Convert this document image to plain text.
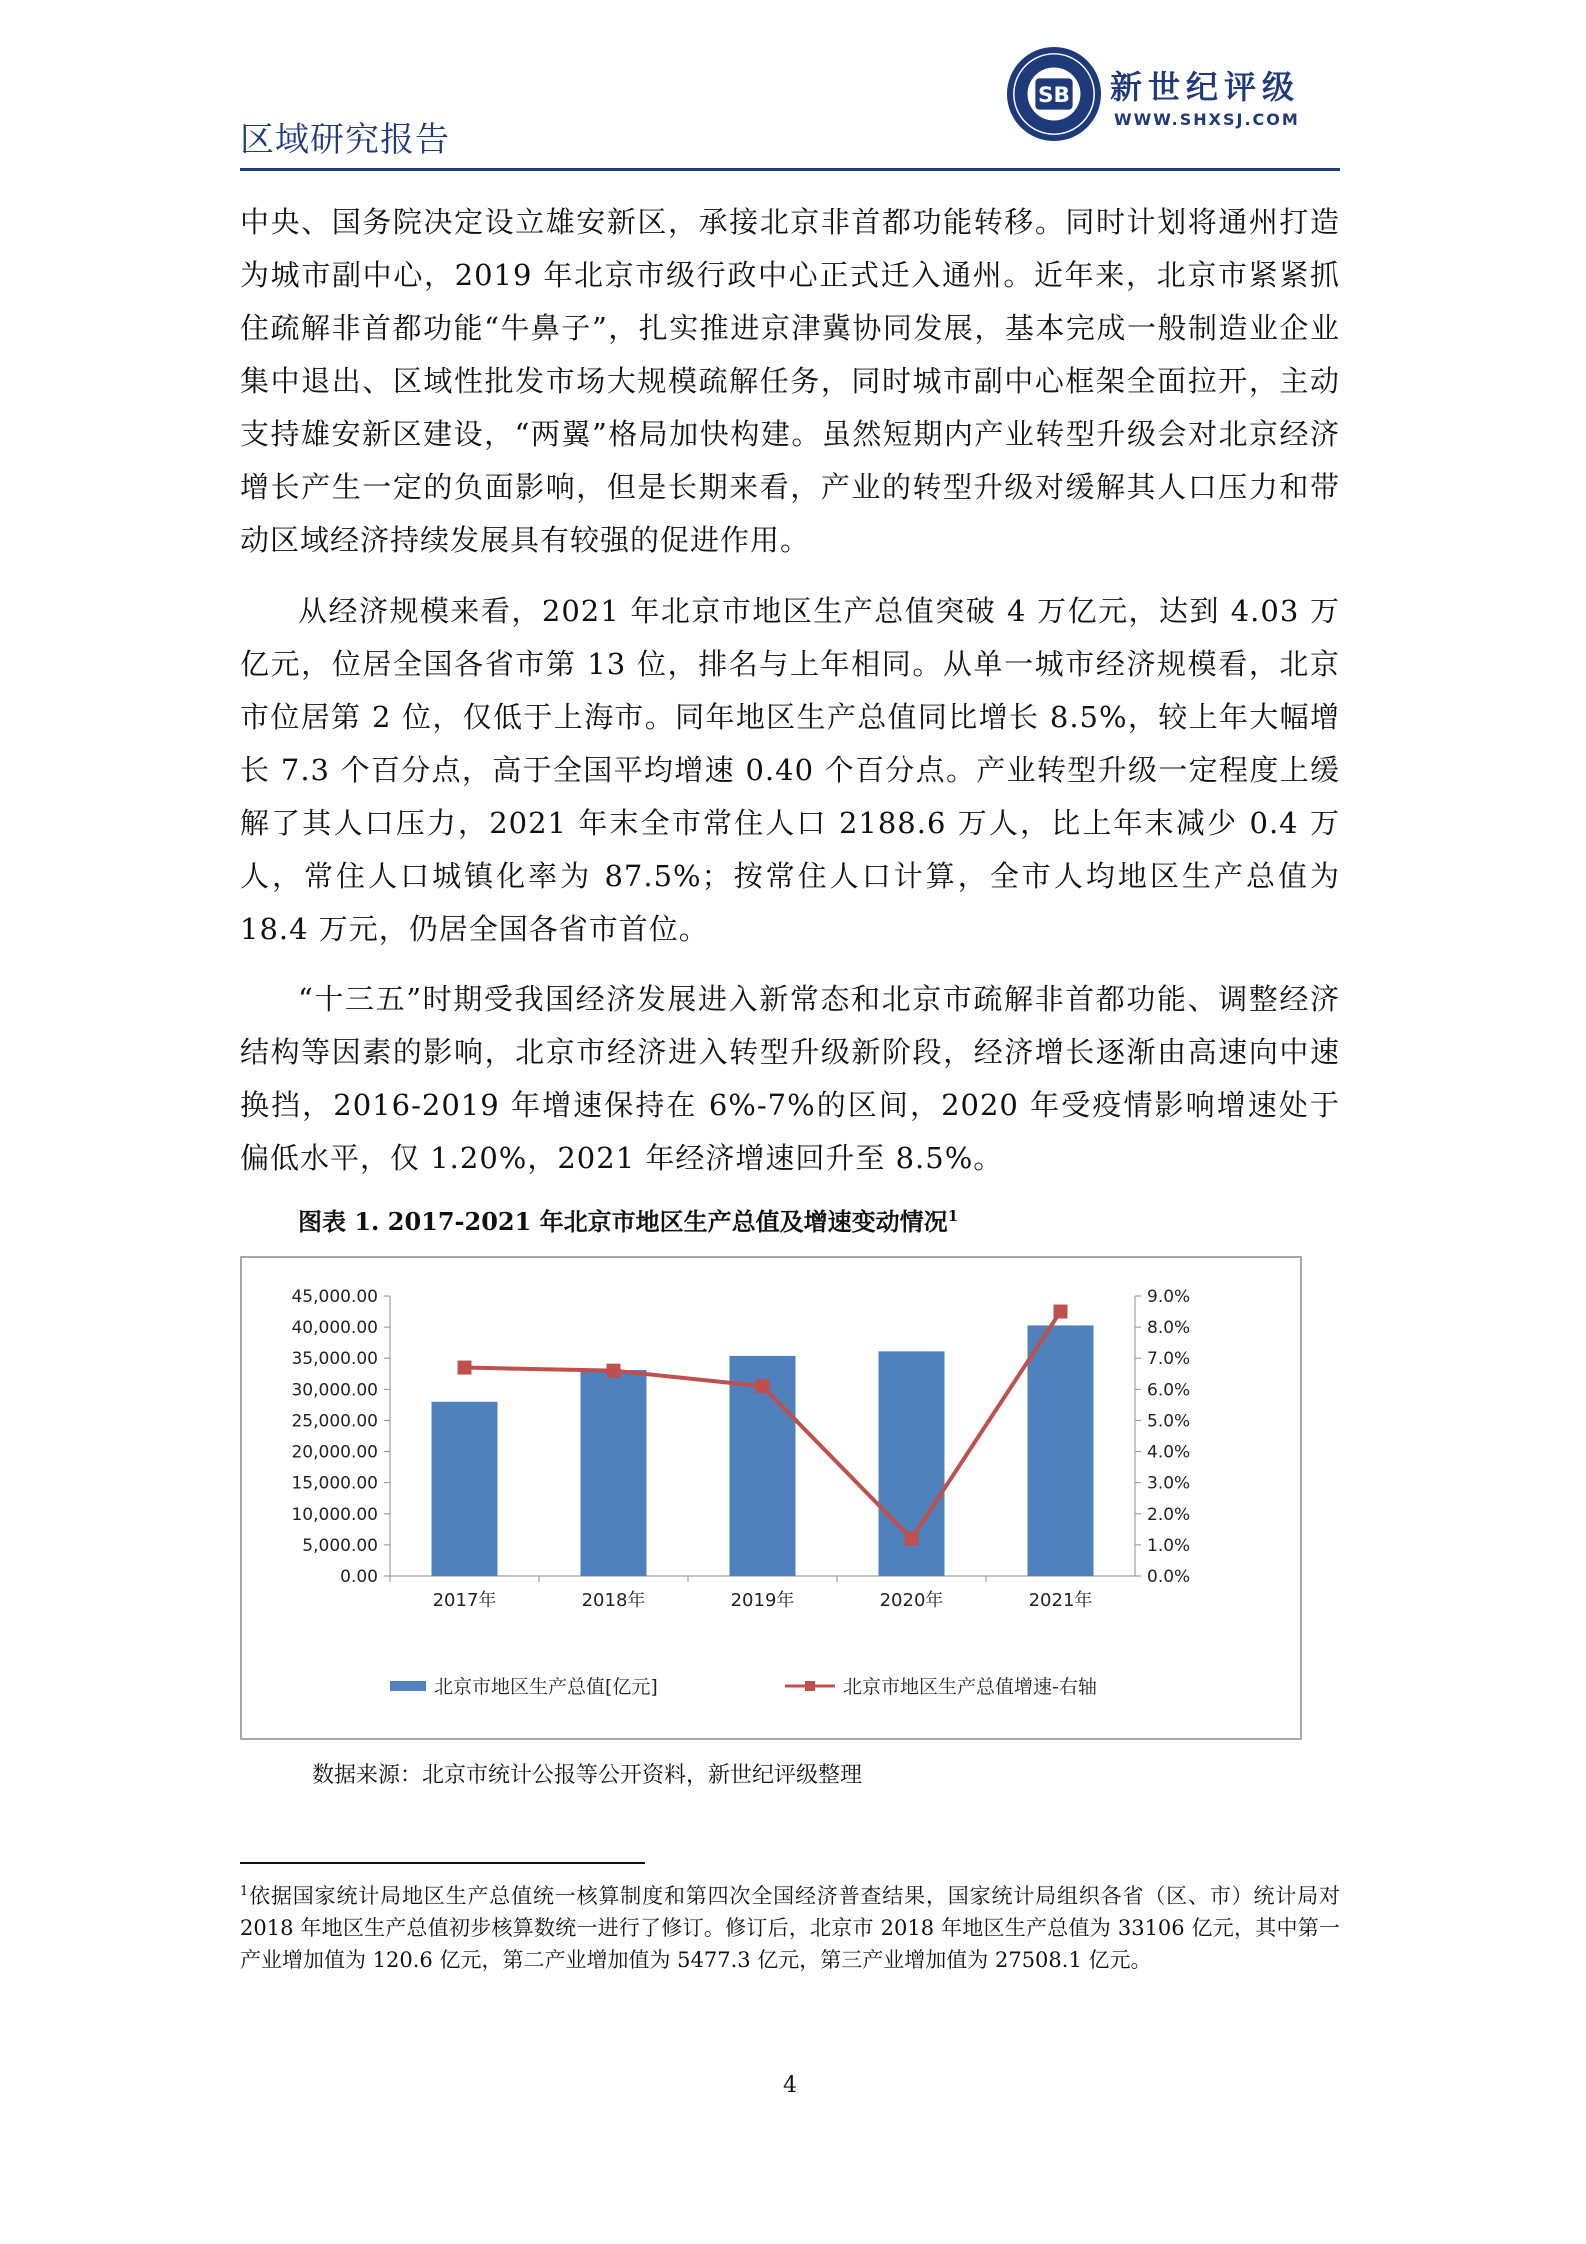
区域研究报告
SB 新世纪评级
WWW.SHXSJ.COM

中央、国务院决定设立雄安新区，承接北京非首都功能转移。同时计划将通州打造为城市副中心，2019 年北京市级行政中心正式迁入通州。近年来，北京市紧紧抓住疏解非首都功能“牛鼻子”，扎实推进京津冀协同发展，基本完成一般制造业企业集中退出、区域性批发市场大规模疏解任务，同时城市副中心框架全面拉开，主动支持雄安新区建设，“两翼”格局加快构建。虽然短期内产业转型升级会对北京经济增长产生一定的负面影响，但是长期来看，产业的转型升级对缓解其人口压力和带动区域经济持续发展具有较强的促进作用。

从经济规模来看，2021 年北京市地区生产总值突破 4 万亿元，达到 4.03 万亿元，位居全国各省市第 13 位，排名与上年相同。从单一城市经济规模看，北京市位居第 2 位，仅低于上海市。同年地区生产总值同比增长 8.5%，较上年大幅增长 7.3 个百分点，高于全国平均增速 0.40 个百分点。产业转型升级一定程度上缓解了其人口压力，2021 年末全市常住人口 2188.6 万人，比上年末减少 0.4 万人，常住人口城镇化率为 87.5%；按常住人口计算，全市人均地区生产总值为 18.4 万元，仍居全国各省市首位。

“十三五”时期受我国经济发展进入新常态和北京市疏解非首都功能、调整经济结构等因素的影响，北京市经济进入转型升级新阶段，经济增长逐渐由高速向中速换挡，2016-2019 年增速保持在 6%-7%的区间，2020 年受疫情影响增速处于偏低水平，仅 1.20%，2021 年经济增速回升至 8.5%。

图表 1. 2017-2021 年北京市地区生产总值及增速变动情况$^1$
0.00
5,000.00
10,000.00
15,000.00
20,000.00
25,000.00
30,000.00
35,000.00
40,000.00
45,000.00
0.0%
1.0%
2.0%
3.0%
4.0%
5.0%
6.0%
7.0%
8.0%
9.0%
2017年	2018年	2019年	2020年	2021年
北京市地区生产总值[亿元]	北京市地区生产总值增速-右轴
数据来源：北京市统计公报等公开资料，新世纪评级整理

$^1$依据国家统计局地区生产总值统一核算制度和第四次全国经济普查结果，国家统计局组织各省（区、市）统计局对 2018 年地区生产总值初步核算数统一进行了修订。修订后，北京市 2018 年地区生产总值为 33106 亿元，其中第一产业增加值为 120.6 亿元，第二产业增加值为 5477.3 亿元，第三产业增加值为 27508.1 亿元。

4
